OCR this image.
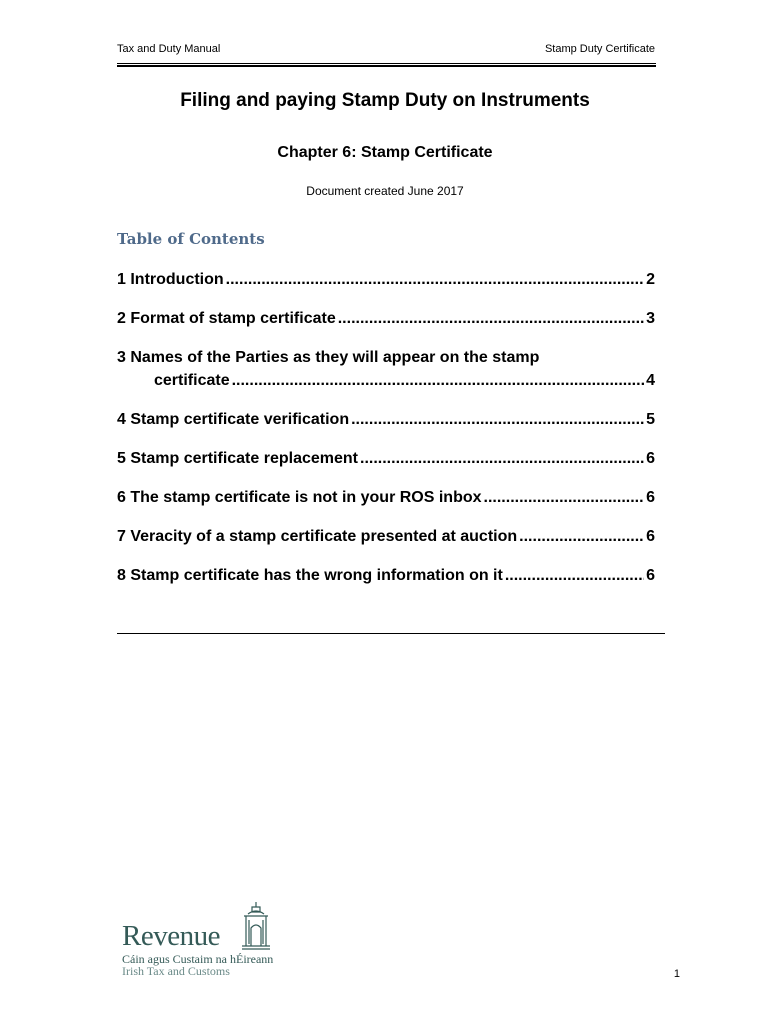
Tax and Duty Manual	Stamp Duty Certificate
Filing and paying Stamp Duty on Instruments
Chapter 6: Stamp Certificate
Document created June 2017
Table of Contents
1 Introduction .....	2
2 Format of stamp certificate .....	3
3 Names of the Parties as they will appear on the stamp
certificate .....	4
4 Stamp certificate verification .....	5
5 Stamp certificate replacement .....	6
6 The stamp certificate is not in your ROS inbox .....	6
7 Veracity of a stamp certificate presented at auction .....	6
8 Stamp certificate has the wrong information on it .....	6
Revenue
Cáin agus Custaim na hÉireann
Irish Tax and Customs	1
